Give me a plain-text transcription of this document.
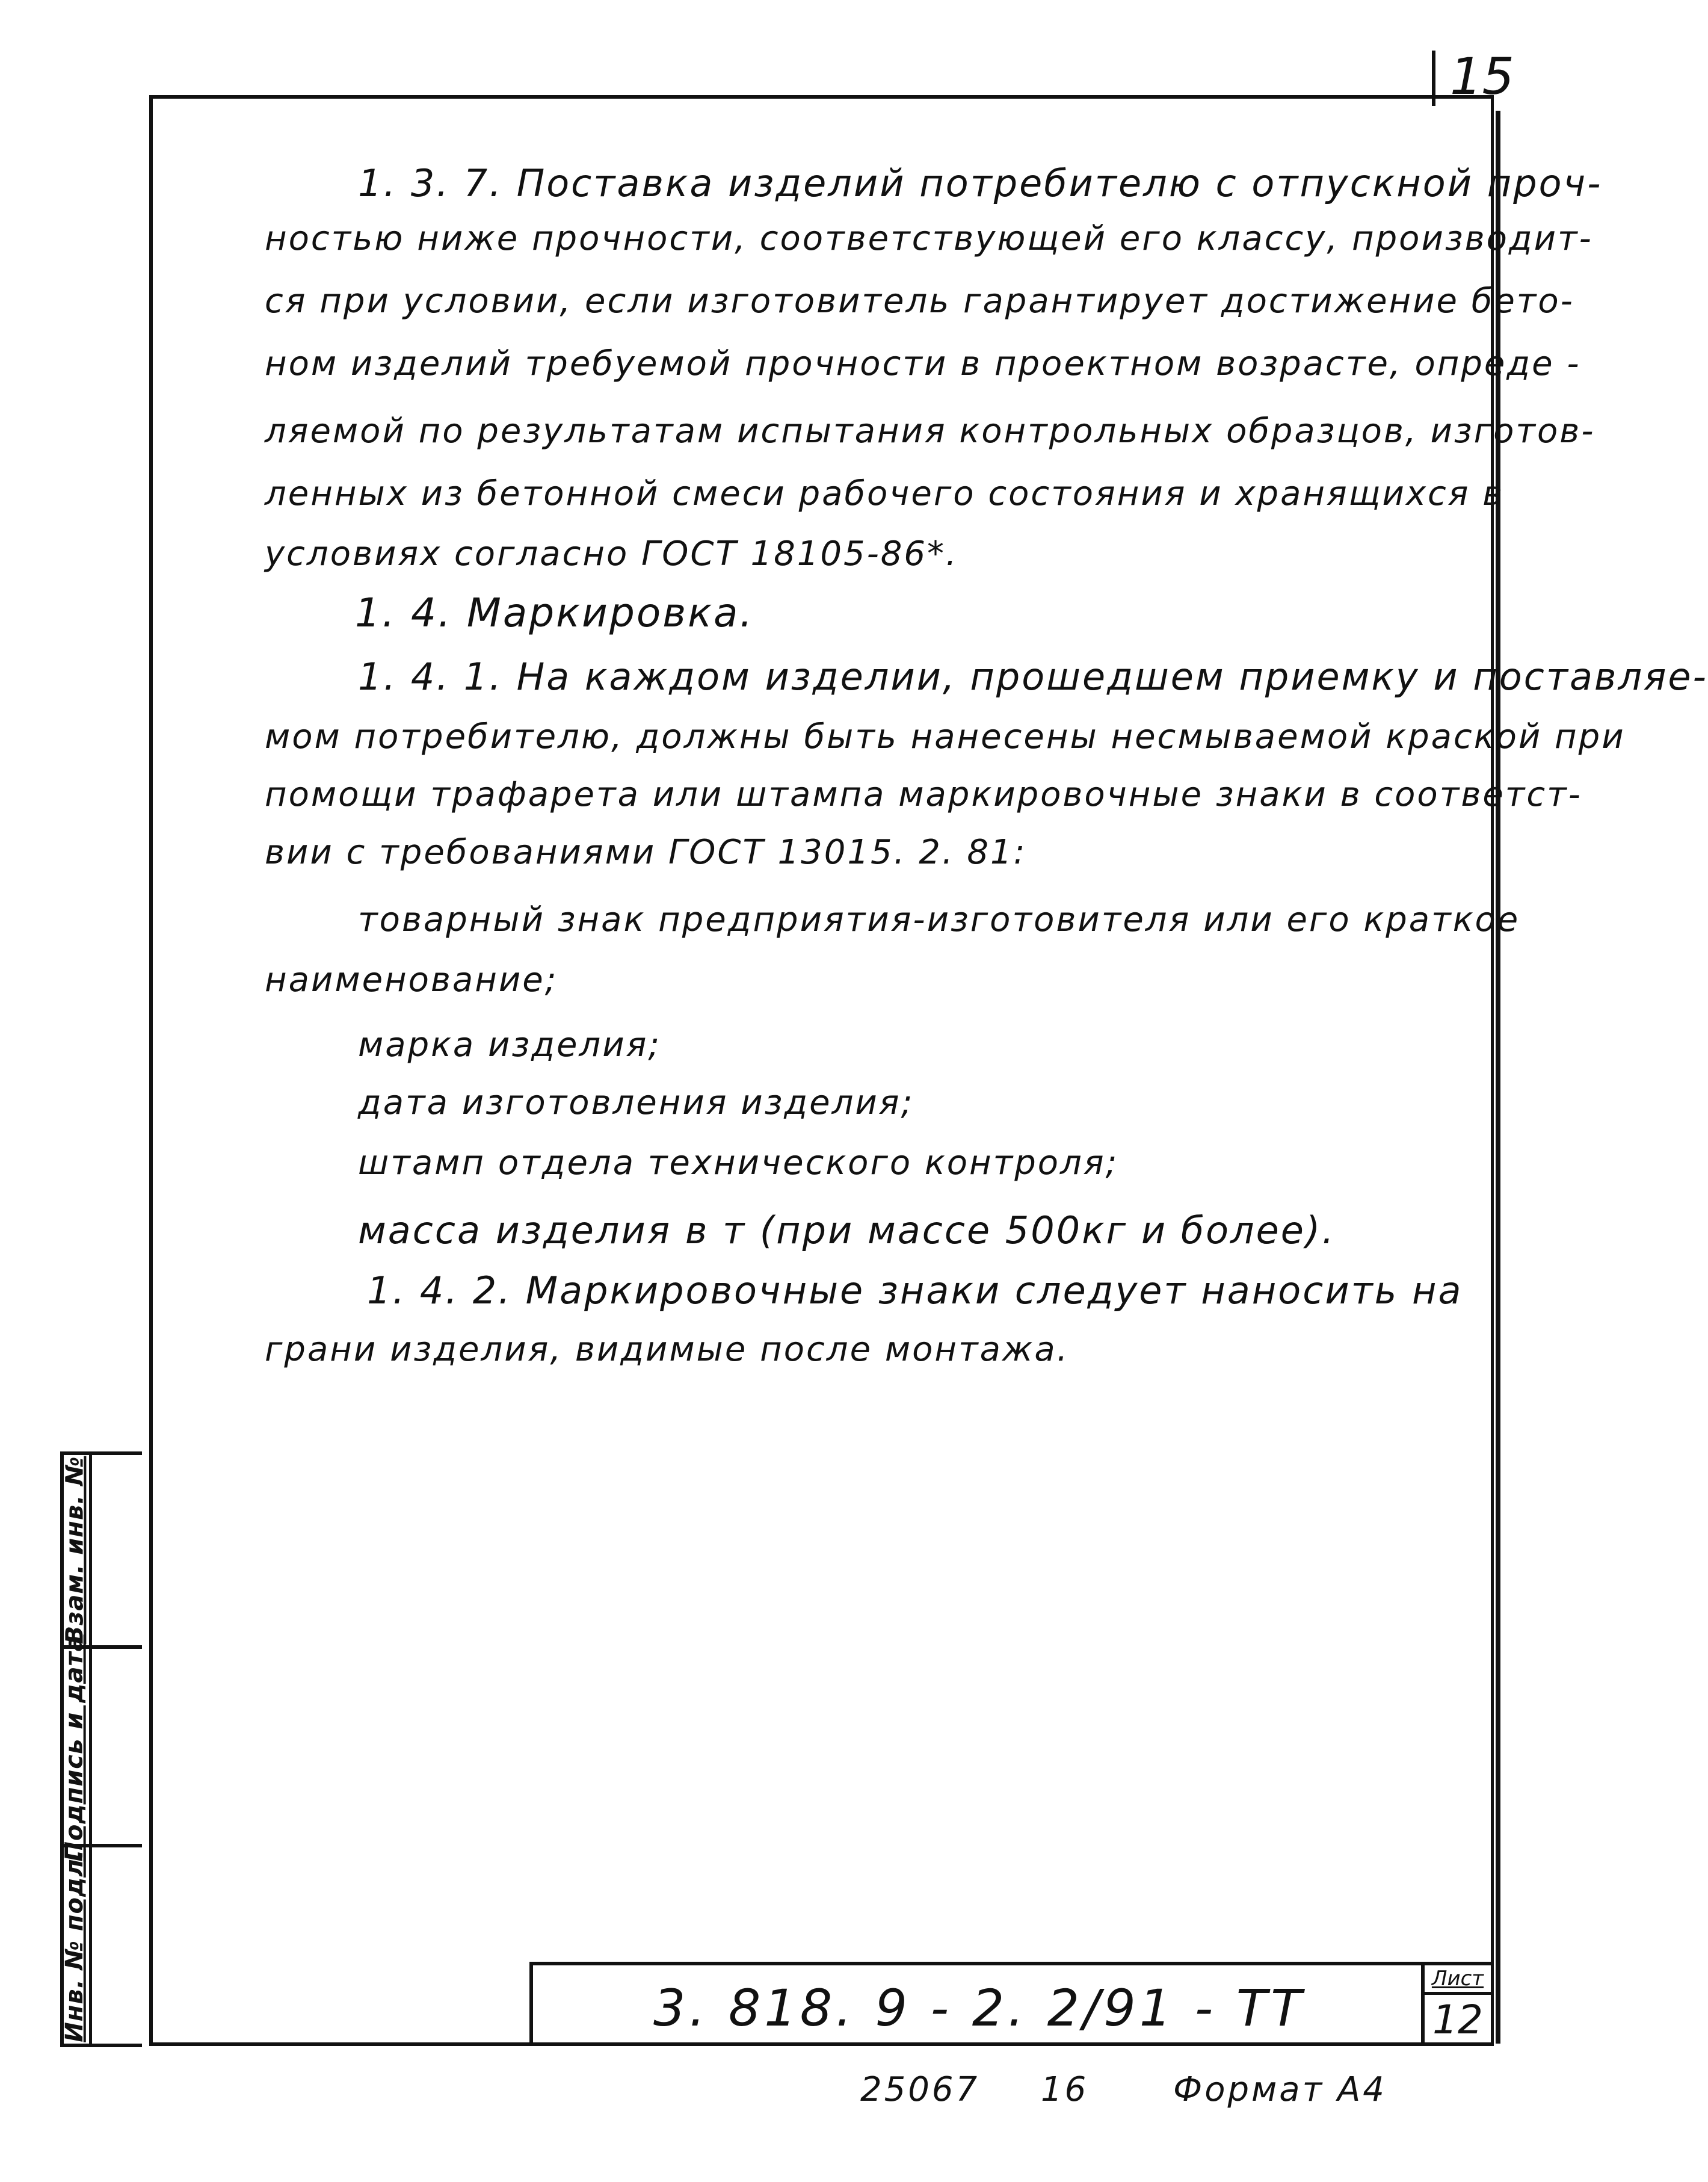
15
Взам. инв. №
Подпись и дата
Инв. № подл.
1. 3. 7. Поставка изделий потребителю с отпускной проч-
ностью ниже прочности, соответствующей его классу, производит-
ся при условии, если изготовитель гарантирует достижение бето-
ном изделий требуемой прочности в проектном возрасте, опреде -
ляемой по результатам испытания контрольных образцов, изготов-
ленных из бетонной смеси рабочего состояния и хранящихся в
условиях согласно ГОСТ 18105-86*.
1. 4. Маркировка.
1. 4. 1. На каждом изделии, прошедшем приемку и поставляе-
мом потребителю, должны быть нанесены несмываемой краской при
помощи трафарета или штампа маркировочные знаки в соответст-
вии с требованиями ГОСТ 13015. 2. 81:
товарный знак предприятия-изготовителя или его краткое
наименование;
марка изделия;
дата изготовления изделия;
штамп отдела технического контроля;
масса изделия в т (при массе 500кг и более).
1. 4. 2. Маркировочные знаки следует наносить на
грани изделия, видимые после монтажа.
3. 818. 9 - 2. 2/91 - ТТ	Лист
12
25067 16	Формат А4
